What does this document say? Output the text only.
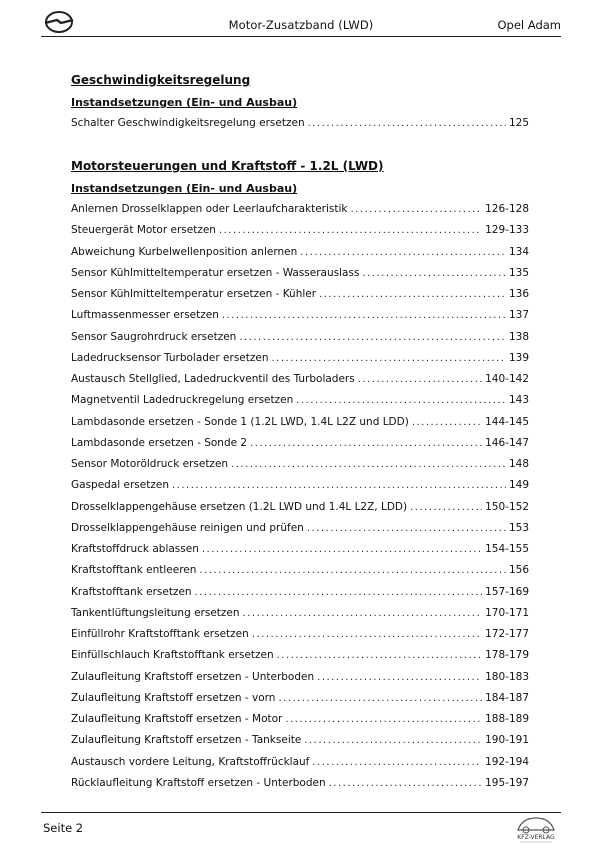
Motor-Zusatzband (LWD)	Opel Adam
Geschwindigkeitsregelung
Instandsetzungen (Ein- und Ausbau)
Schalter Geschwindigkeitsregelung ersetzen .....	125
Motorsteuerungen und Kraftstoff - 1.2L (LWD)
Instandsetzungen (Ein- und Ausbau)
Anlernen Drosselklappen oder Leerlaufcharakteristik .....	126-128
Steuergerät Motor ersetzen .....	129-133
Abweichung Kurbelwellenposition anlernen .....	134
Sensor Kühlmitteltemperatur ersetzen - Wasserauslass .....	135
Sensor Kühlmitteltemperatur ersetzen - Kühler .....	136
Luftmassenmesser ersetzen .....	137
Sensor Saugrohrdruck ersetzen .....	138
Ladedrucksensor Turbolader ersetzen .....	139
Austausch Stellglied, Ladedruckventil des Turboladers .....	140-142
Magnetventil Ladedruckregelung ersetzen .....	143
Lambdasonde ersetzen - Sonde 1 (1.2L LWD, 1.4L L2Z und LDD) .....	144-145
Lambdasonde ersetzen - Sonde 2 .....	146-147
Sensor Motoröldruck ersetzen .....	148
Gaspedal ersetzen .....	149
Drosselklappengehäuse ersetzen (1.2L LWD und 1.4L L2Z, LDD) .....	150-152
Drosselklappengehäuse reinigen und prüfen .....	153
Kraftstoffdruck ablassen .....	154-155
Kraftstofftank entleeren .....	156
Kraftstofftank ersetzen .....	157-169
Tankentlüftungsleitung ersetzen .....	170-171
Einfüllrohr Kraftstofftank ersetzen .....	172-177
Einfüllschlauch Kraftstofftank ersetzen .....	178-179
Zulaufleitung Kraftstoff ersetzen - Unterboden .....	180-183
Zulaufleitung Kraftstoff ersetzen - vorn .....	184-187
Zulaufleitung Kraftstoff ersetzen - Motor .....	188-189
Zulaufleitung Kraftstoff ersetzen - Tankseite .....	190-191
Austausch vordere Leitung, Kraftstoffrücklauf .....	192-194
Rücklaufleitung Kraftstoff ersetzen - Unterboden .....	195-197
Seite 2
KFZ-VERLAG
